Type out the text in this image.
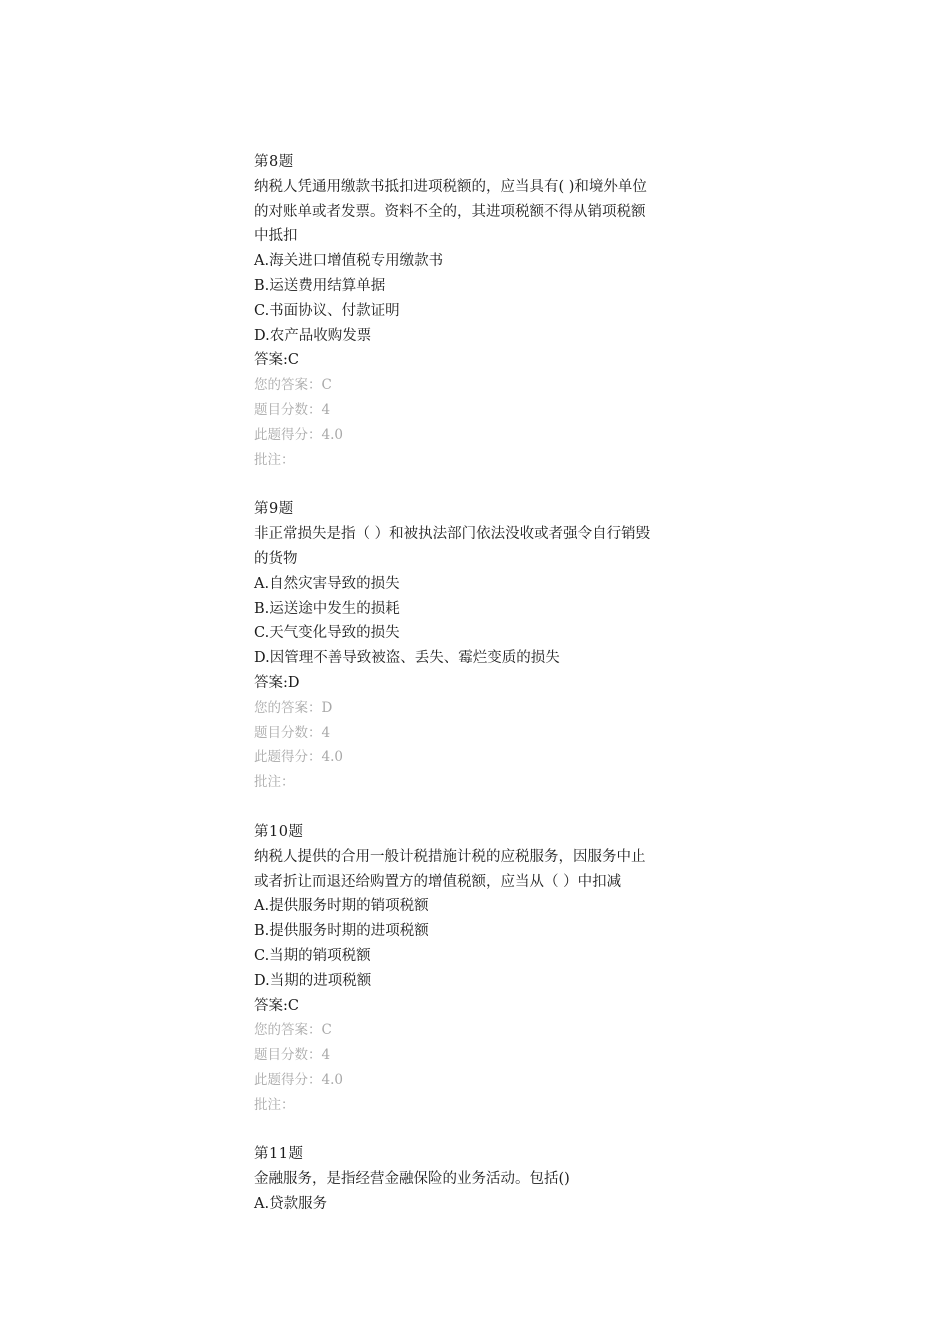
第8题
纳税人凭通用缴款书抵扣进项税额的，应当具有( )和境外单位
的对账单或者发票。资料不全的，其进项税额不得从销项税额
中抵扣
A.海关进口增值税专用缴款书
B.运送费用结算单据
C.书面协议、付款证明
D.农产品收购发票
答案:C
您的答案：C
题目分数：4
此题得分：4.0
批注：
第9题
非正常损失是指（ ）和被执法部门依法没收或者强令自行销毁
的货物
A.自然灾害导致的损失
B.运送途中发生的损耗
C.天气变化导致的损失
D.因管理不善导致被盗、丢失、霉烂变质的损失
答案:D
您的答案：D
题目分数：4
此题得分：4.0
批注：
第10题
纳税人提供的合用一般计税措施计税的应税服务，因服务中止
或者折让而退还给购置方的增值税额，应当从（ ）中扣减
A.提供服务时期的销项税额
B.提供服务时期的进项税额
C.当期的销项税额
D.当期的进项税额
答案:C
您的答案：C
题目分数：4
此题得分：4.0
批注：
第11题
金融服务，是指经营金融保险的业务活动。包括()
A.贷款服务
